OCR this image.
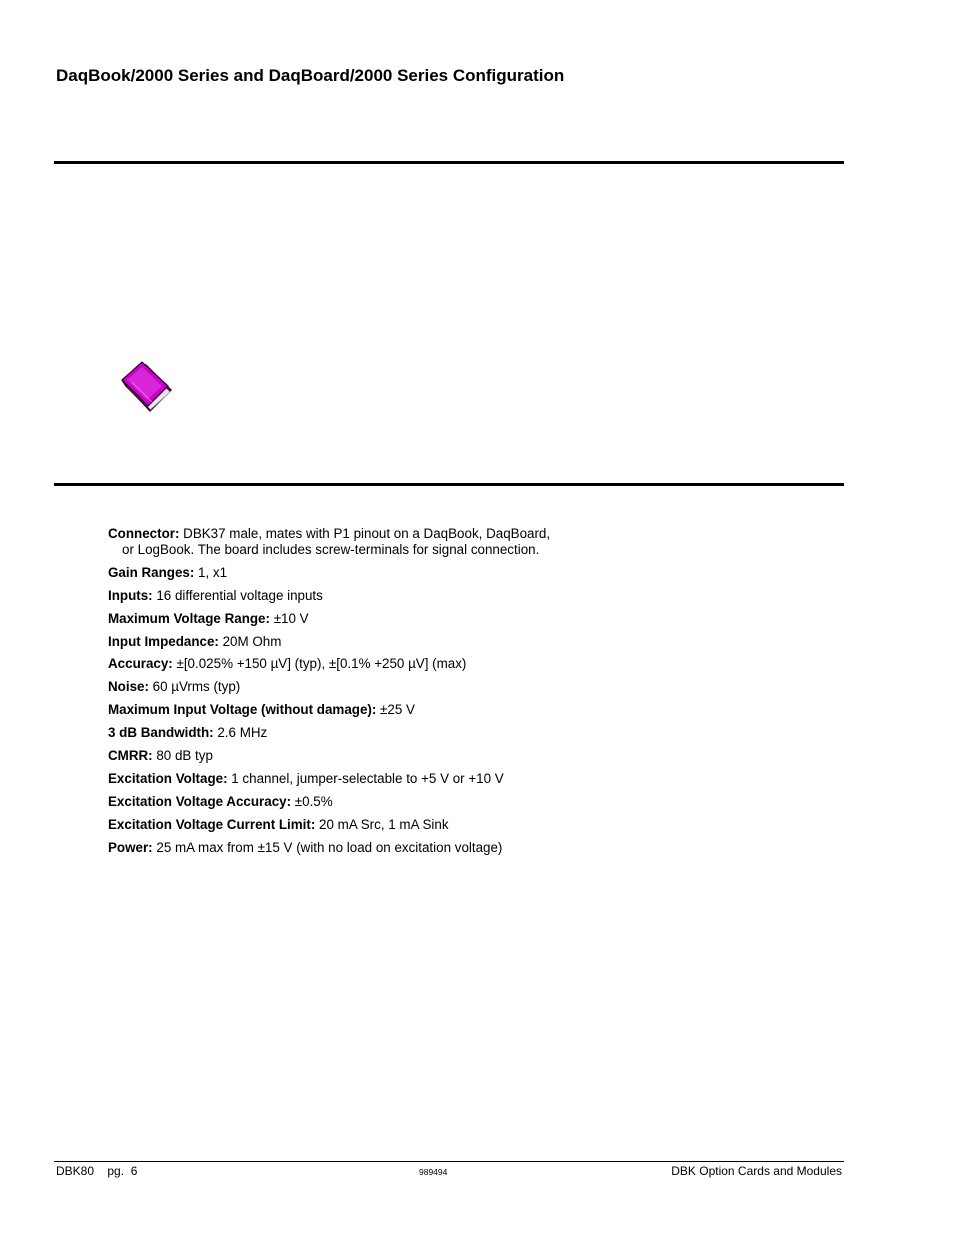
DaqBook/2000 Series and DaqBoard/2000 Series Configuration
Connector: DBK37 male, mates with P1 pinout on a DaqBook, DaqBoard,
or LogBook. The board includes screw-terminals for signal connection.
Gain Ranges: 1, x1
Inputs: 16 differential voltage inputs
Maximum Voltage Range: ±10 V
Input Impedance: 20M Ohm
Accuracy: ±[0.025% +150 µV] (typ), ±[0.1% +250 µV] (max)
Noise: 60 µVrms (typ)
Maximum Input Voltage (without damage): ±25 V
3 dB Bandwidth: 2.6 MHz
CMRR: 80 dB typ
Excitation Voltage: 1 channel, jumper-selectable to +5 V or +10 V
Excitation Voltage Accuracy: ±0.5%
Excitation Voltage Current Limit: 20 mA Src, 1 mA Sink
Power: 25 mA max from ±15 V (with no load on excitation voltage)
DBK80    pg.  6	989494	DBK Option Cards and Modules
